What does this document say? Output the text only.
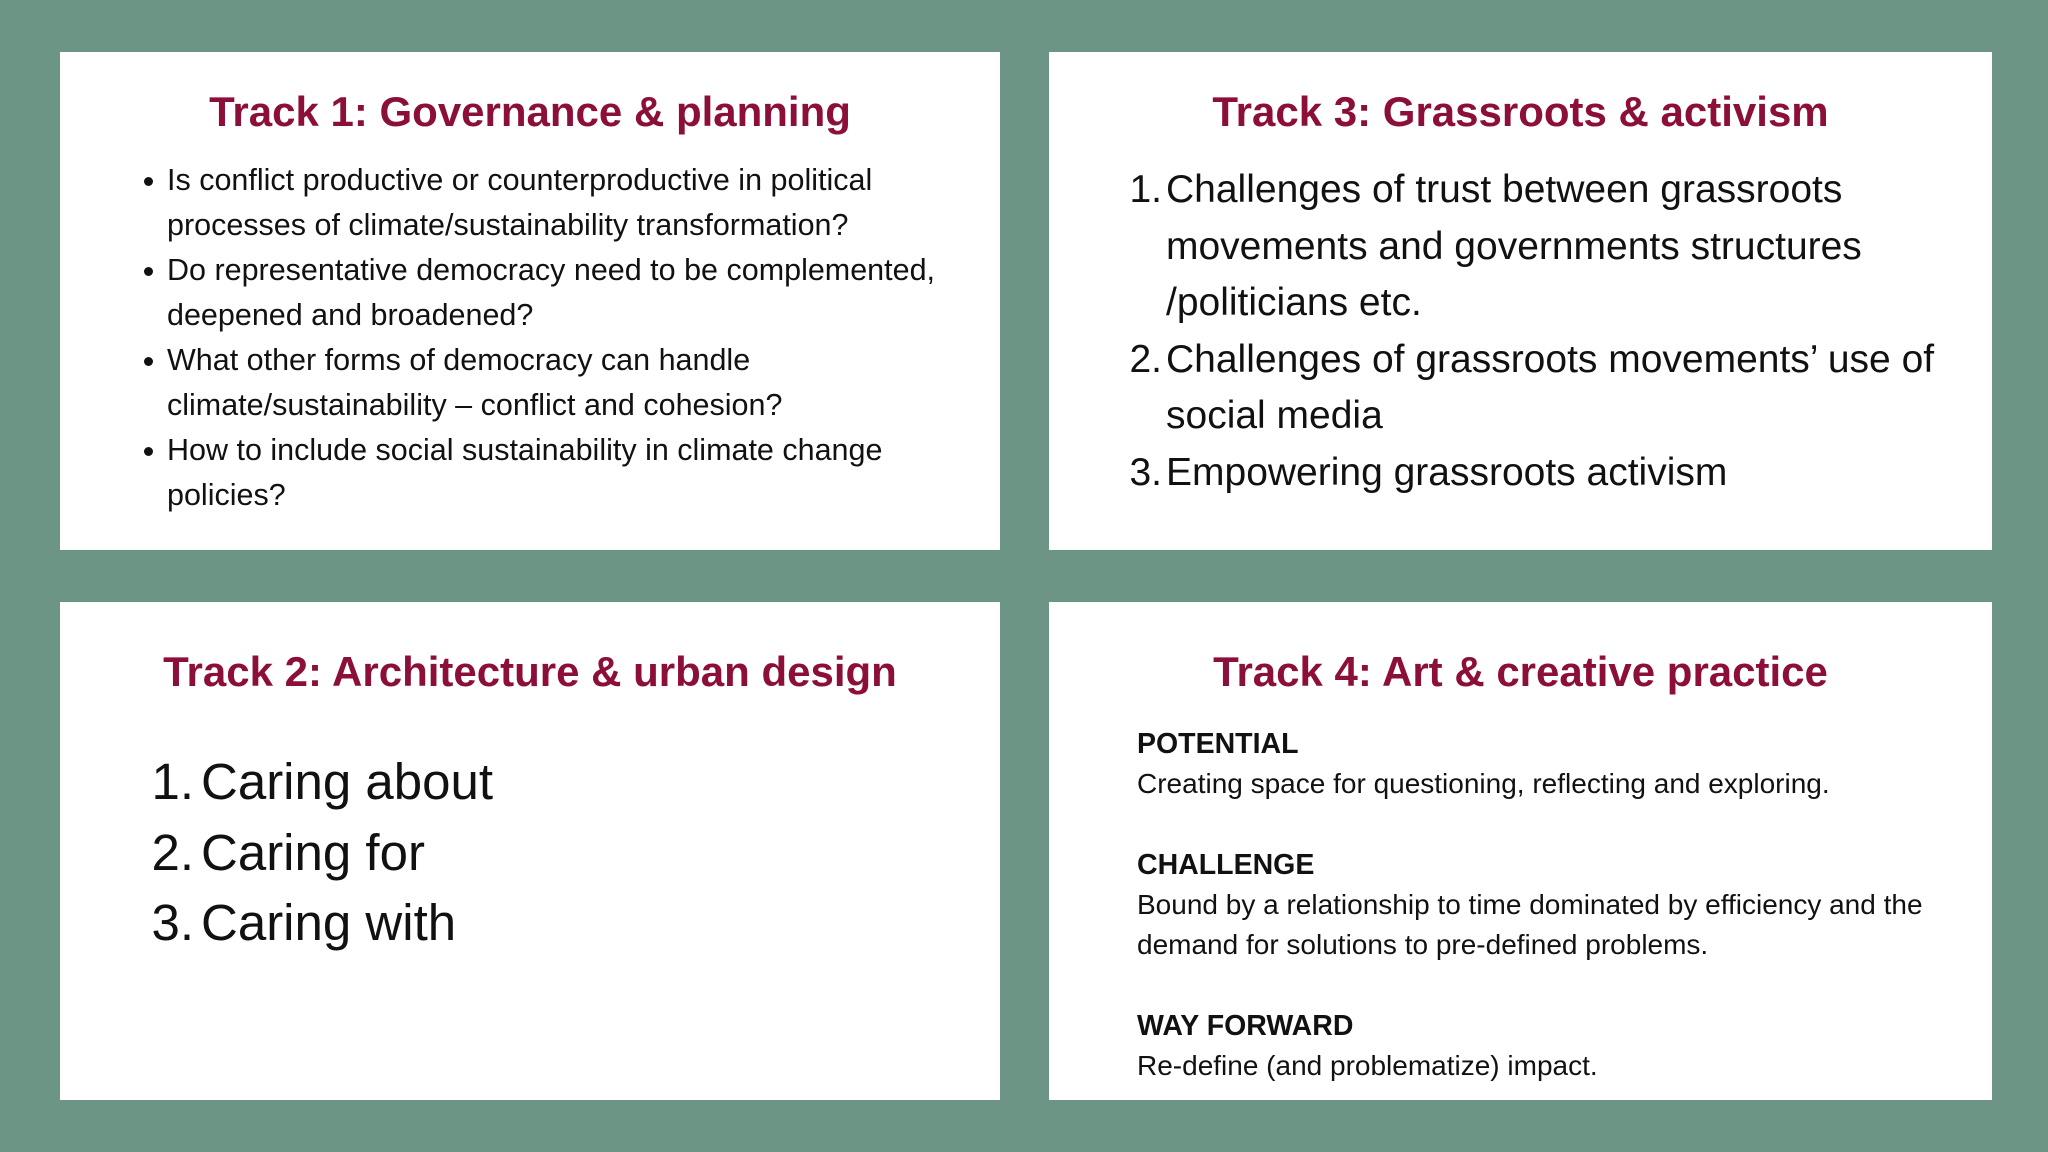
Track 1: Governance & planning
Is conflict productive or counterproductive in political processes of climate/sustainability transformation?
Do representative democracy need to be complemented, deepened and broadened?
What other forms of democracy can handle climate/sustainability – conflict and cohesion?
How to include social sustainability in climate change policies?
Track 3: Grassroots & activism
1. Challenges of trust between grassroots movements and governments structures /politicians etc.
2. Challenges of grassroots movements’ use of social media
3. Empowering grassroots activism
Track 2: Architecture & urban design
1. Caring about
2. Caring for
3. Caring with
Track 4: Art & creative practice
POTENTIAL
Creating space for questioning, reflecting and exploring.
CHALLENGE
Bound by a relationship to time dominated by efficiency and the demand for solutions to pre-defined problems.
WAY FORWARD
Re-define (and problematize) impact.
